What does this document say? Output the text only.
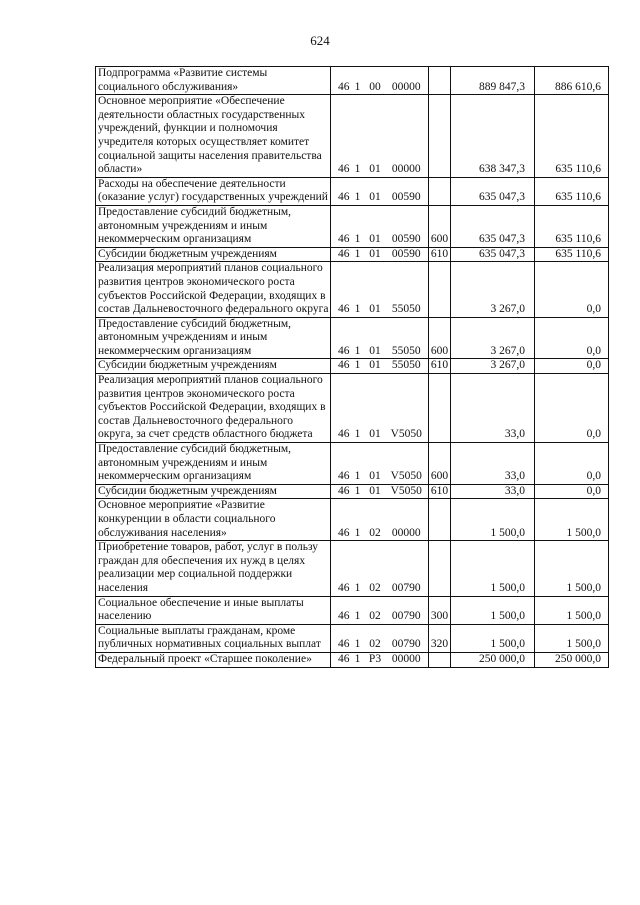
624
Подпрограмма «Развитие системы социального обслуживания»	46	1	00	00000		889 847,3	886 610,6
Основное мероприятие «Обеспечение деятельности областных государственных учреждений, функции и полномочия учредителя которых осуществляет комитет социальной защиты населения правительства области»	46	1	01	00000		638 347,3	635 110,6
Расходы на обеспечение деятельности (оказание услуг) государственных учреждений	46	1	01	00590		635 047,3	635 110,6
Предоставление субсидий бюджетным, автономным учреждениям и иным некоммерческим организациям	46	1	01	00590	600	635 047,3	635 110,6
Субсидии бюджетным учреждениям	46	1	01	00590	610	635 047,3	635 110,6
Реализация мероприятий планов социального развития центров экономического роста субъектов Российской Федерации, входящих в состав Дальневосточного федерального округа	46	1	01	55050		3 267,0	0,0
Предоставление субсидий бюджетным, автономным учреждениям и иным некоммерческим организациям	46	1	01	55050	600	3 267,0	0,0
Субсидии бюджетным учреждениям	46	1	01	55050	610	3 267,0	0,0
Реализация мероприятий планов социального развития центров экономического роста субъектов Российской Федерации, входящих в состав Дальневосточного федерального округа, за счет средств областного бюджета	46	1	01	V5050		33,0	0,0
Предоставление субсидий бюджетным, автономным учреждениям и иным некоммерческим организациям	46	1	01	V5050	600	33,0	0,0
Субсидии бюджетным учреждениям	46	1	01	V5050	610	33,0	0,0
Основное мероприятие «Развитие конкуренции в области социального обслуживания населения»	46	1	02	00000		1 500,0	1 500,0
Приобретение товаров, работ, услуг в пользу граждан для обеспечения их нужд в целях реализации мер социальной поддержки населения	46	1	02	00790		1 500,0	1 500,0
Социальное обеспечение и иные выплаты населению	46	1	02	00790	300	1 500,0	1 500,0
Социальные выплаты гражданам, кроме публичных нормативных социальных выплат	46	1	02	00790	320	1 500,0	1 500,0
Федеральный проект «Старшее поколение»	46	1	P3	00000		250 000,0	250 000,0
